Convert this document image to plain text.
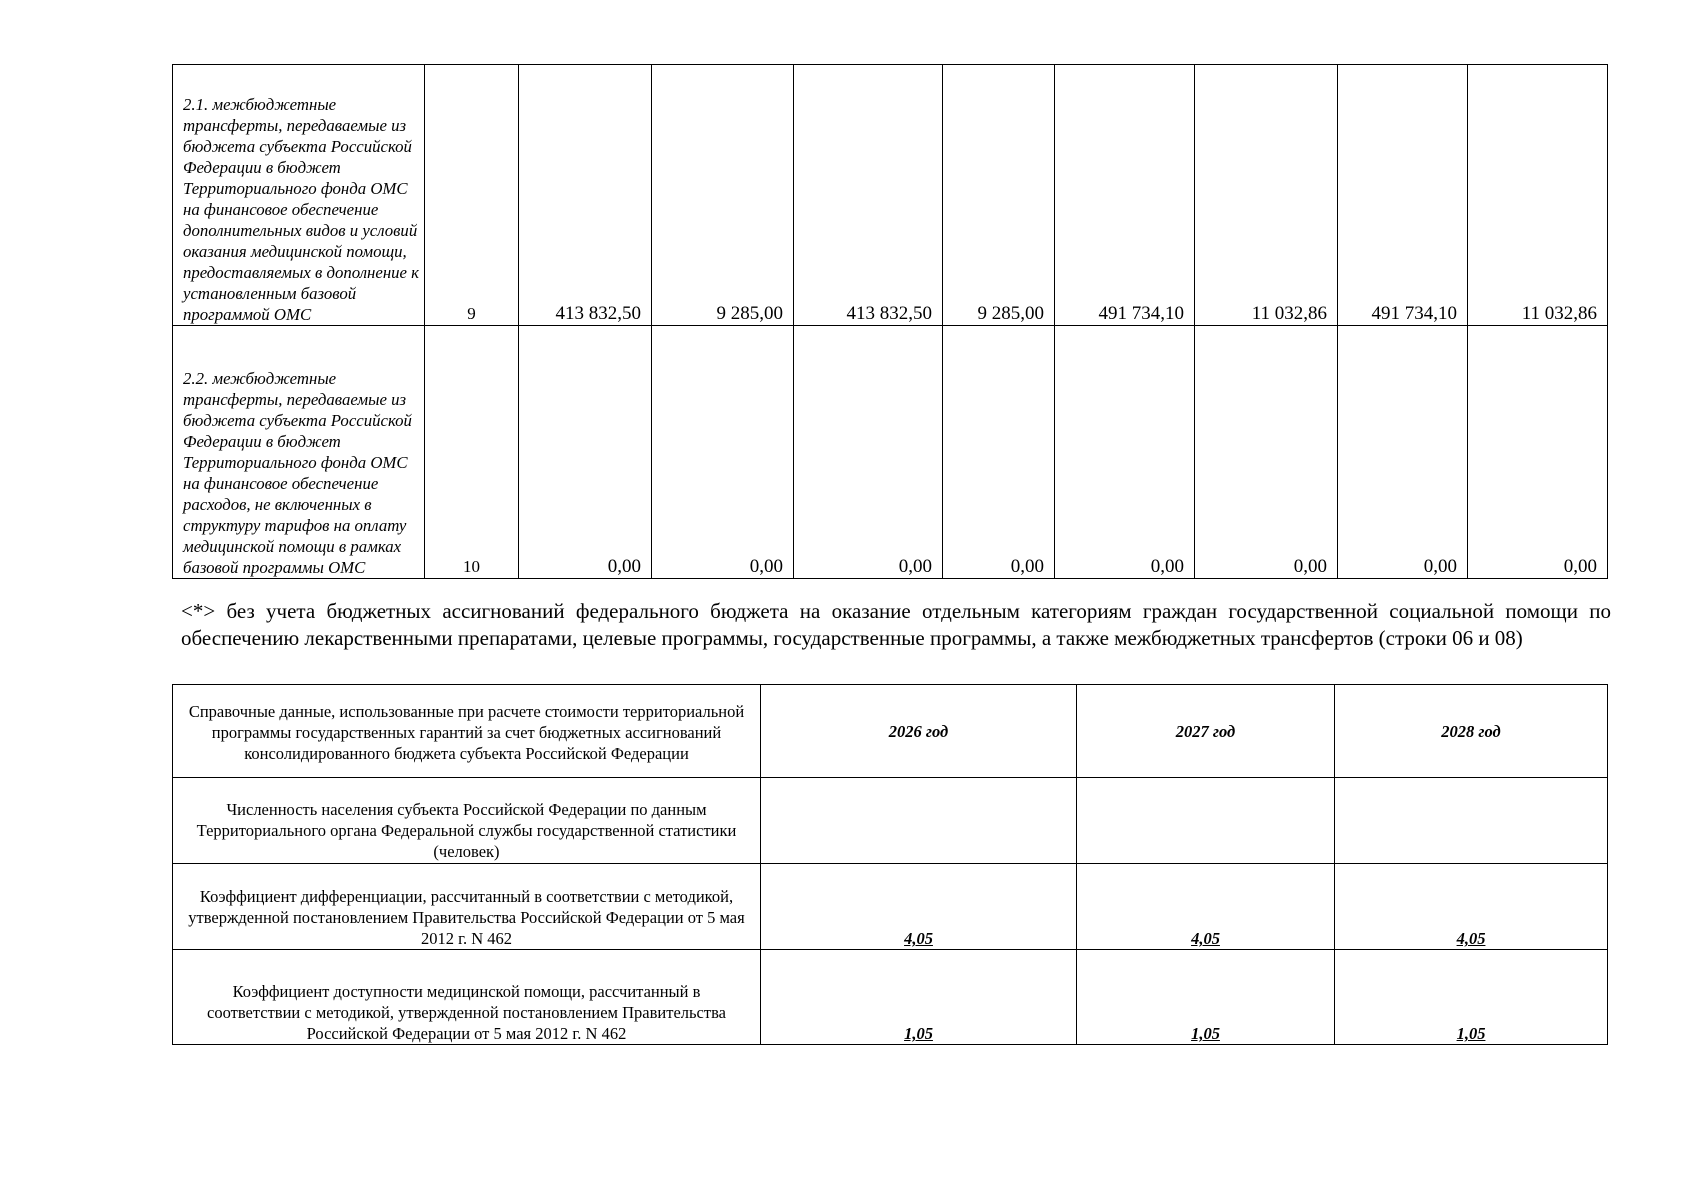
2.1. межбюджетные трансферты, передаваемые из бюджета субъекта Российской Федерации в бюджет Территориального фонда ОМС на финансовое обеспечение дополнительных видов и условий оказания медицинской помощи, предоставляемых в дополнение к установленным базовой программой ОМС	9	413 832,50	9 285,00	413 832,50	9 285,00	491 734,10	11 032,86	491 734,10	11 032,86
2.2. межбюджетные трансферты, передаваемые из бюджета субъекта Российской Федерации в бюджет Территориального фонда ОМС на финансовое обеспечение расходов, не включенных в структуру тарифов на оплату медицинской помощи в рамках базовой программы ОМС	10	0,00	0,00	0,00	0,00	0,00	0,00	0,00	0,00
<*> без учета бюджетных ассигнований федерального бюджета на оказание отдельным категориям граждан государственной социальной помощи по обеспечению лекарственными препаратами, целевые программы, государственные программы, а также межбюджетных трансфертов (строки 06 и 08)
Справочные данные, использованные при расчете стоимости территориальной программы государственных гарантий за счет бюджетных ассигнований консолидированного бюджета субъекта Российской Федерации	2026 год	2027 год	2028 год
Численность населения субъекта Российской Федерации по данным Территориального органа Федеральной службы государственной статистики (человек)			
Коэффициент дифференциации, рассчитанный в соответствии с методикой, утвержденной постановлением Правительства Российской Федерации от 5 мая 2012 г. N 462	4,05	4,05	4,05
Коэффициент доступности медицинской помощи, рассчитанный в соответствии с методикой, утвержденной постановлением Правительства Российской Федерации от 5 мая 2012 г. N 462	1,05	1,05	1,05
